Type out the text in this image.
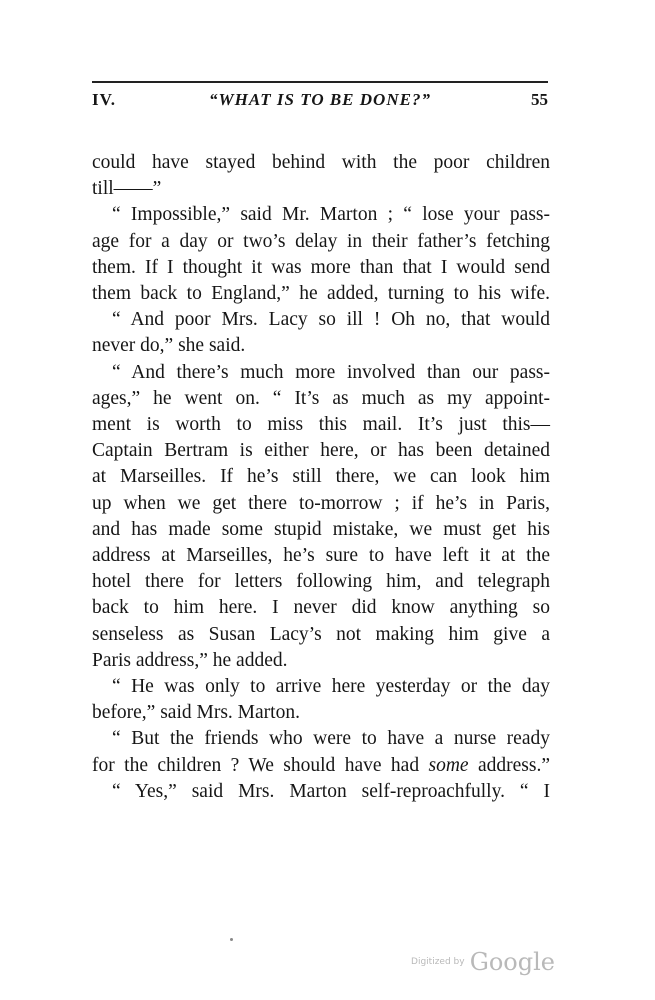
IV.	“WHAT IS TO BE DONE?”	55

could have stayed behind with the poor children

till——”

“ Impossible,” said Mr. Marton ; “ lose your pass-

age for a day or two’s delay in their father’s fetching

them. If I thought it was more than that I would send

them back to England,” he added, turning to his wife.

“ And poor Mrs. Lacy so ill ! Oh no, that would

never do,” she said.

“ And there’s much more involved than our pass-

ages,” he went on. “ It’s as much as my appoint-

ment is worth to miss this mail. It’s just this—

Captain Bertram is either here, or has been detained

at Marseilles. If he’s still there, we can look him

up when we get there to-morrow ; if he’s in Paris,

and has made some stupid mistake, we must get his

address at Marseilles, he’s sure to have left it at the

hotel there for letters following him, and telegraph

back to him here. I never did know anything so

senseless as Susan Lacy’s not making him give a

Paris address,” he added.

“ He was only to arrive here yesterday or the day

before,” said Mrs. Marton.

“ But the friends who were to have a nurse ready

for the children ? We should have had some address.”

“ Yes,” said Mrs. Marton self-reproachfully. “ I

Digitized by Google
